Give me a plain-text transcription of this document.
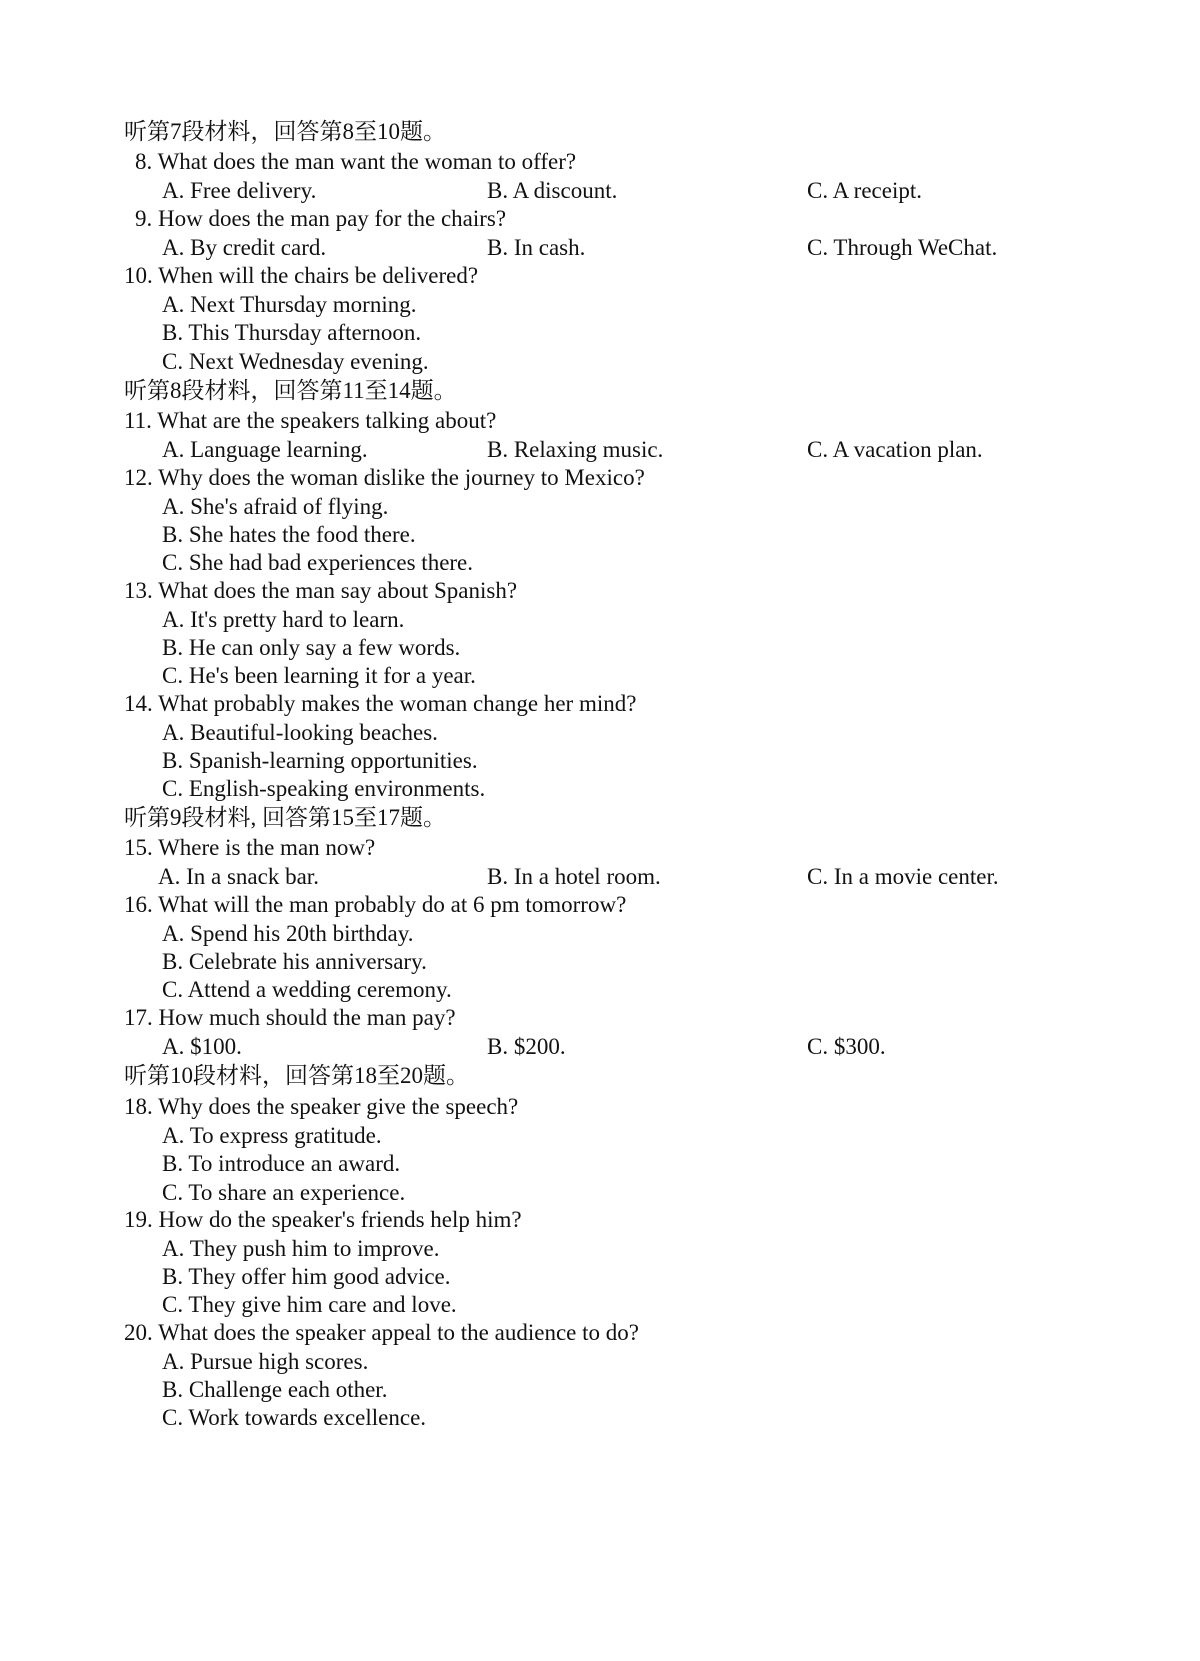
听第7段材料，回答第8至10题。
8. What does the man want the woman to offer?
A. Free delivery.	B. A discount.	C. A receipt.
9. How does the man pay for the chairs?
A. By credit card.	B. In cash.	C. Through WeChat.
10. When will the chairs be delivered?
A. Next Thursday morning.
B. This Thursday afternoon.
C. Next Wednesday evening.
听第8段材料，回答第11至14题。
11. What are the speakers talking about?
A. Language learning.	B. Relaxing music.	C. A vacation plan.
12. Why does the woman dislike the journey to Mexico?
A. She's afraid of flying.
B. She hates the food there.
C. She had bad experiences there.
13. What does the man say about Spanish?
A. It's pretty hard to learn.
B. He can only say a few words.
C. He's been learning it for a year.
14. What probably makes the woman change her mind?
A. Beautiful-looking beaches.
B. Spanish-learning opportunities.
C. English-speaking environments.
听第9段材料, 回答第15至17题。
15. Where is the man now?
A. In a snack bar.	B. In a hotel room.	C. In a movie center.
16. What will the man probably do at 6 pm tomorrow?
A. Spend his 20th birthday.
B. Celebrate his anniversary.
C. Attend a wedding ceremony.
17. How much should the man pay?
A. $100.	B. $200.	C. $300.
听第10段材料，回答第18至20题。
18. Why does the speaker give the speech?
A. To express gratitude.
B. To introduce an award.
C. To share an experience.
19. How do the speaker's friends help him?
A. They push him to improve.
B. They offer him good advice.
C. They give him care and love.
20. What does the speaker appeal to the audience to do?
A. Pursue high scores.
B. Challenge each other.
C. Work towards excellence.
